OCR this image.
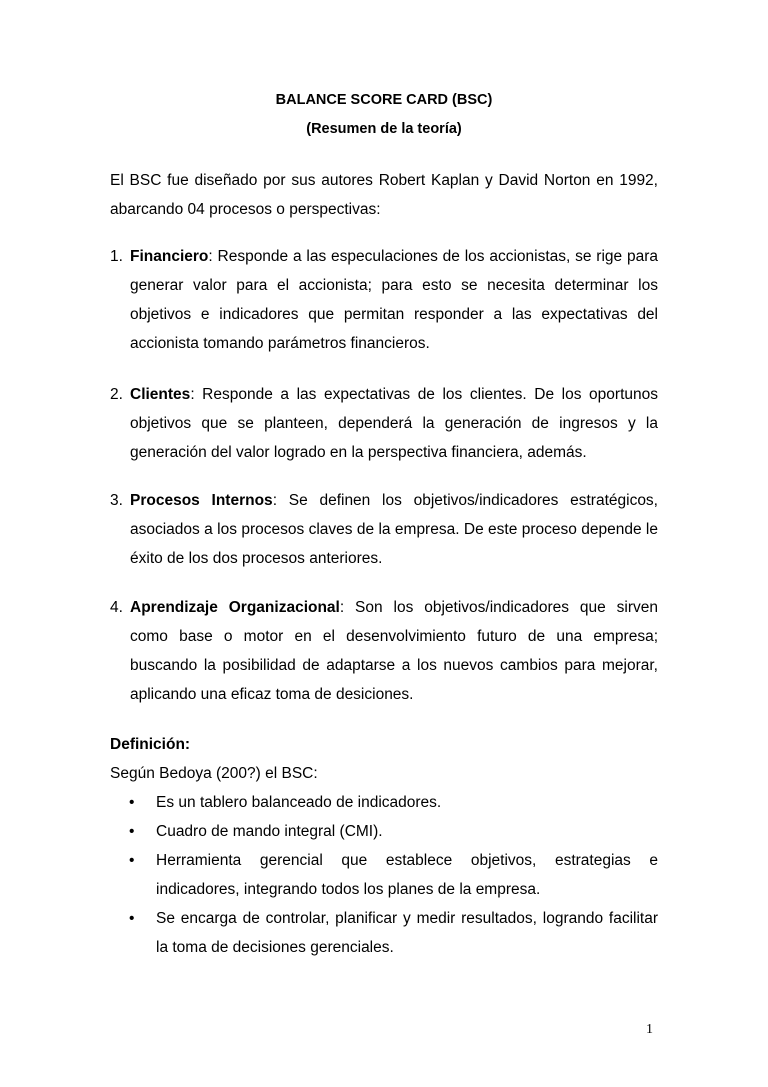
BALANCE SCORE CARD (BSC)
(Resumen de la teoría)
El BSC fue diseñado por sus autores Robert Kaplan y David Norton en 1992, abarcando 04 procesos o perspectivas:
1. Financiero: Responde a las especulaciones de los accionistas, se rige para generar valor para el accionista; para esto se necesita determinar los objetivos e indicadores que permitan responder a las expectativas del accionista tomando parámetros financieros.
2. Clientes: Responde a las expectativas de los clientes. De los oportunos objetivos que se planteen, dependerá la generación de ingresos y la generación del valor logrado en la perspectiva financiera, además.
3. Procesos Internos: Se definen los objetivos/indicadores estratégicos, asociados a los procesos claves de la empresa. De este proceso depende le éxito de los dos procesos anteriores.
4. Aprendizaje Organizacional: Son los objetivos/indicadores que sirven como base o motor en el desenvolvimiento futuro de una empresa; buscando la posibilidad de adaptarse a los nuevos cambios para mejorar, aplicando una eficaz toma de desiciones.
Definición:
Según Bedoya (200?) el BSC:
• Es un tablero balanceado de indicadores.
• Cuadro de mando integral (CMI).
• Herramienta gerencial que establece objetivos, estrategias e indicadores, integrando todos los planes de la empresa.
• Se encarga de controlar, planificar y medir resultados, logrando facilitar la toma de decisiones gerenciales.
1
